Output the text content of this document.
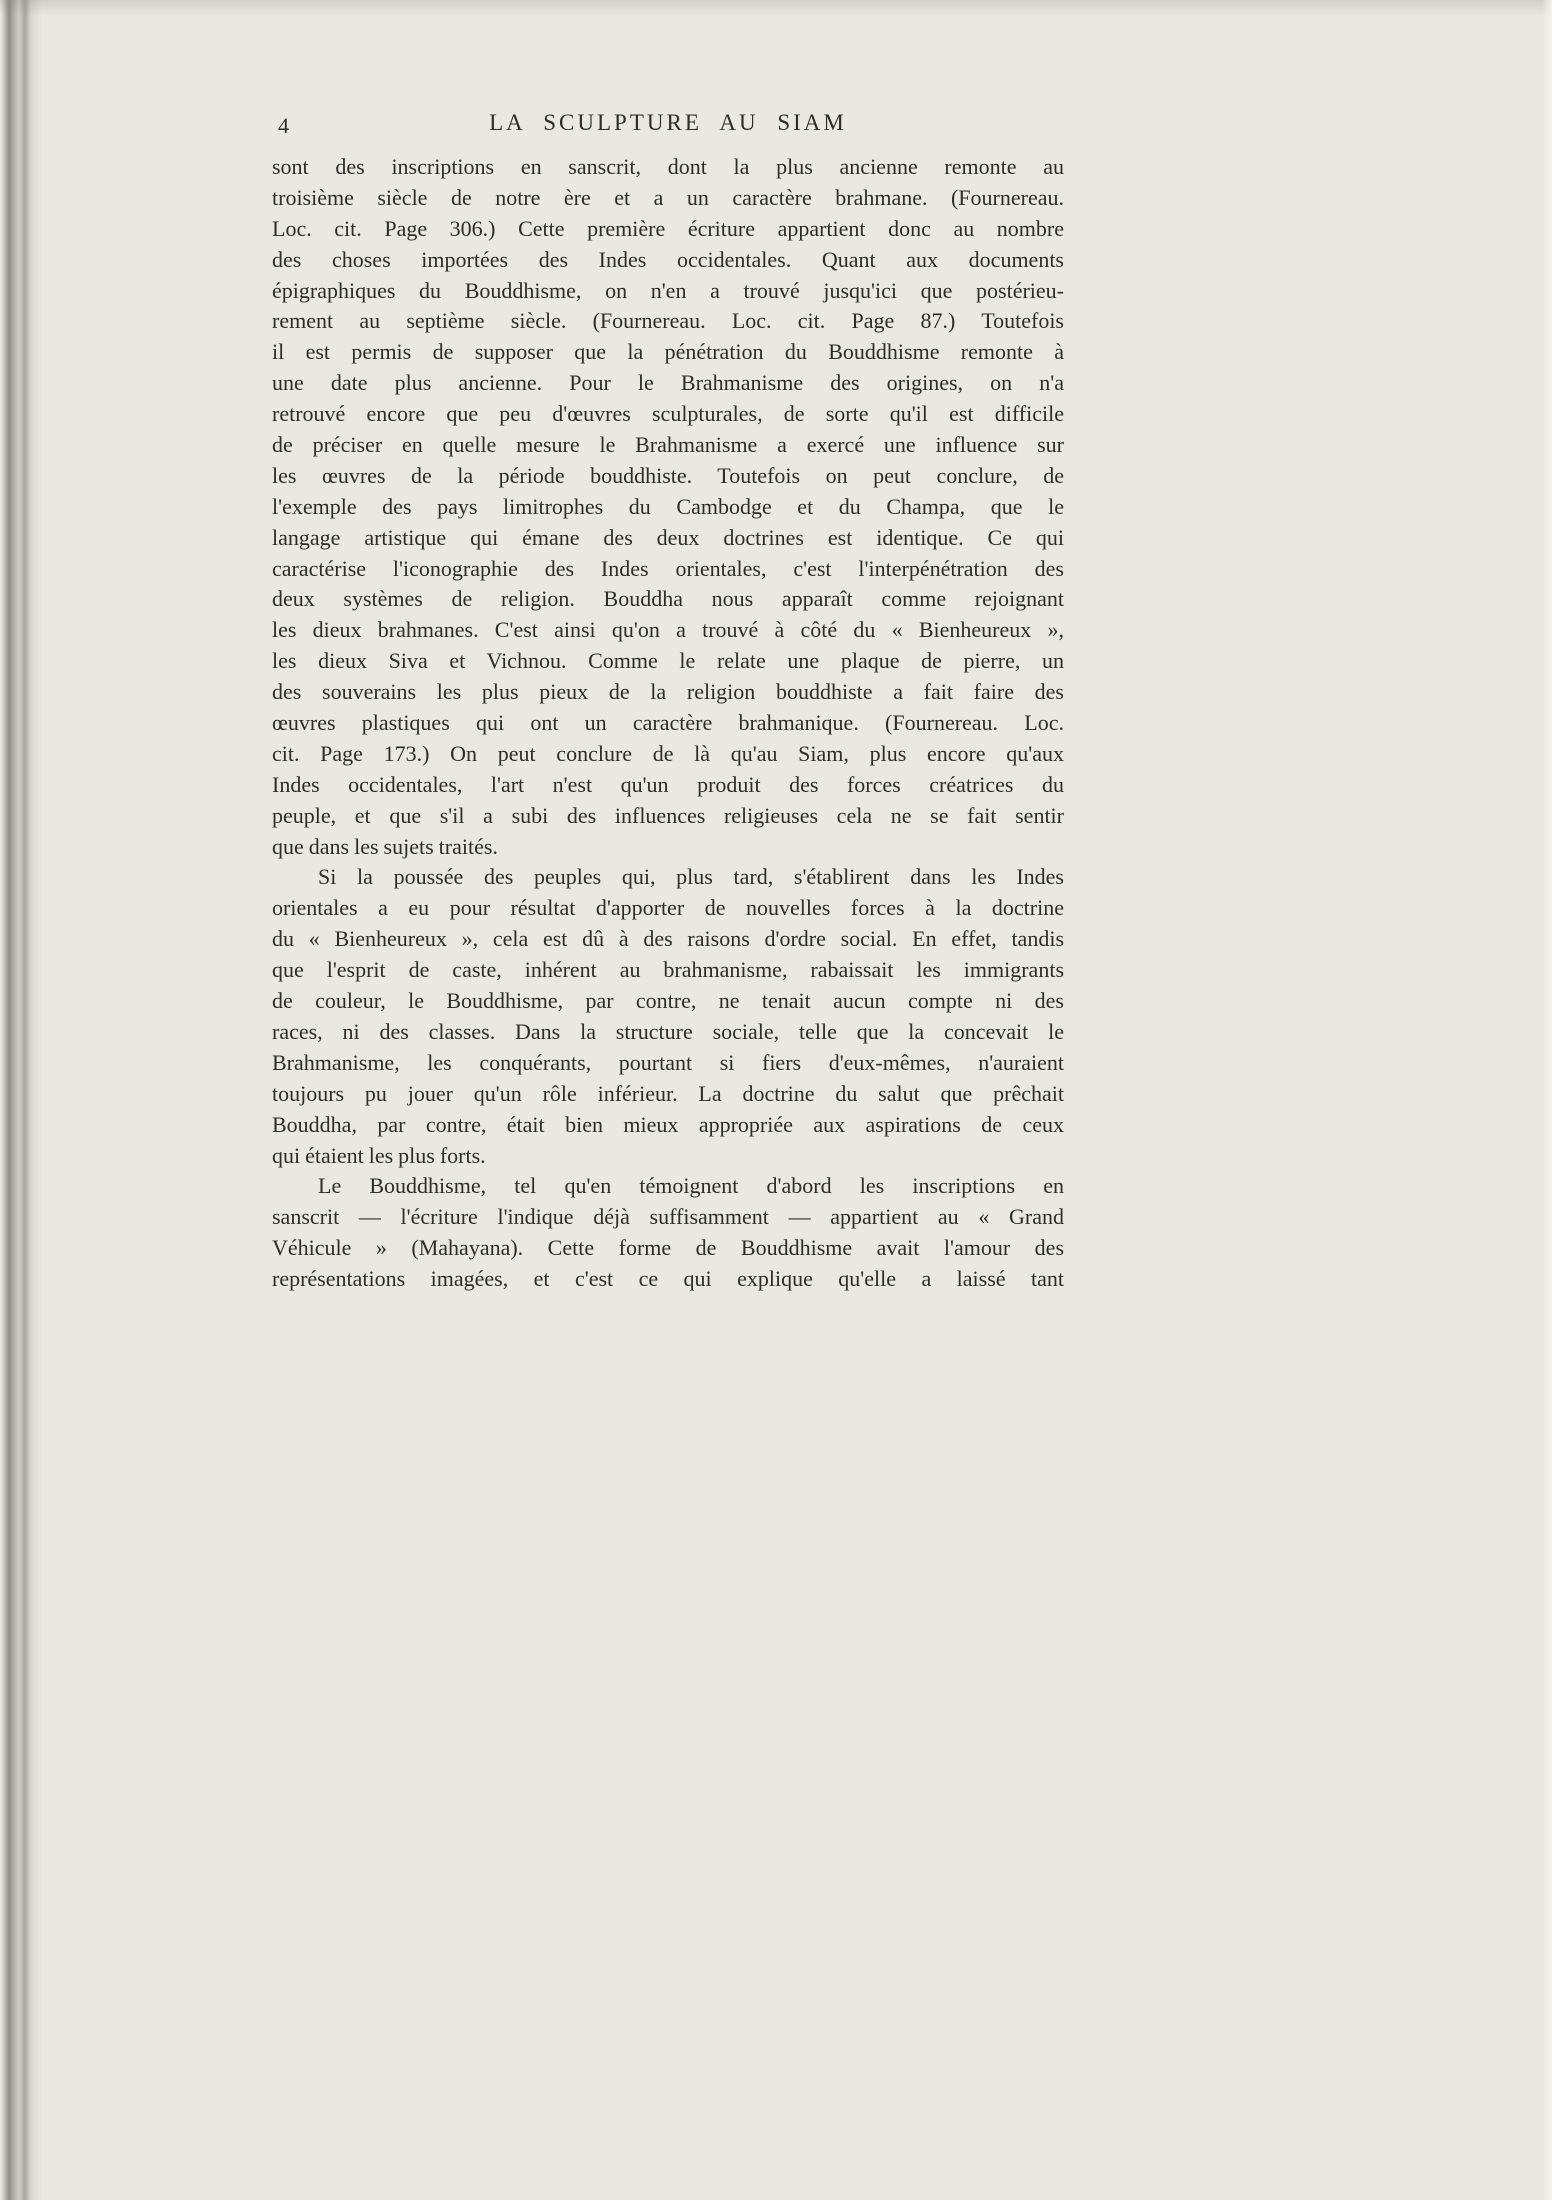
4	LA SCULPTURE AU SIAM
sont des inscriptions en sanscrit, dont la plus ancienne remonte au
troisième siècle de notre ère et a un caractère brahmane. (Fournereau.
Loc. cit. Page 306.) Cette première écriture appartient donc au nombre
des choses importées des Indes occidentales. Quant aux documents
épigraphiques du Bouddhisme, on n'en a trouvé jusqu'ici que postérieu-
rement au septième siècle. (Fournereau. Loc. cit. Page 87.) Toutefois
il est permis de supposer que la pénétration du Bouddhisme remonte à
une date plus ancienne. Pour le Brahmanisme des origines, on n'a
retrouvé encore que peu d'œuvres sculpturales, de sorte qu'il est difficile
de préciser en quelle mesure le Brahmanisme a exercé une influence sur
les œuvres de la période bouddhiste. Toutefois on peut conclure, de
l'exemple des pays limitrophes du Cambodge et du Champa, que le
langage artistique qui émane des deux doctrines est identique. Ce qui
caractérise l'iconographie des Indes orientales, c'est l'interpénétration des
deux systèmes de religion. Bouddha nous apparaît comme rejoignant
les dieux brahmanes. C'est ainsi qu'on a trouvé à côté du « Bienheureux »,
les dieux Siva et Vichnou. Comme le relate une plaque de pierre, un
des souverains les plus pieux de la religion bouddhiste a fait faire des
œuvres plastiques qui ont un caractère brahmanique. (Fournereau. Loc.
cit. Page 173.) On peut conclure de là qu'au Siam, plus encore qu'aux
Indes occidentales, l'art n'est qu'un produit des forces créatrices du
peuple, et que s'il a subi des influences religieuses cela ne se fait sentir
que dans les sujets traités.
Si la poussée des peuples qui, plus tard, s'établirent dans les Indes
orientales a eu pour résultat d'apporter de nouvelles forces à la doctrine
du « Bienheureux », cela est dû à des raisons d'ordre social. En effet, tandis
que l'esprit de caste, inhérent au brahmanisme, rabaissait les immigrants
de couleur, le Bouddhisme, par contre, ne tenait aucun compte ni des
races, ni des classes. Dans la structure sociale, telle que la concevait le
Brahmanisme, les conquérants, pourtant si fiers d'eux-mêmes, n'auraient
toujours pu jouer qu'un rôle inférieur. La doctrine du salut que prêchait
Bouddha, par contre, était bien mieux appropriée aux aspirations de ceux
qui étaient les plus forts.
Le Bouddhisme, tel qu'en témoignent d'abord les inscriptions en
sanscrit — l'écriture l'indique déjà suffisamment — appartient au « Grand
Véhicule » (Mahayana). Cette forme de Bouddhisme avait l'amour des
représentations imagées, et c'est ce qui explique qu'elle a laissé tant
